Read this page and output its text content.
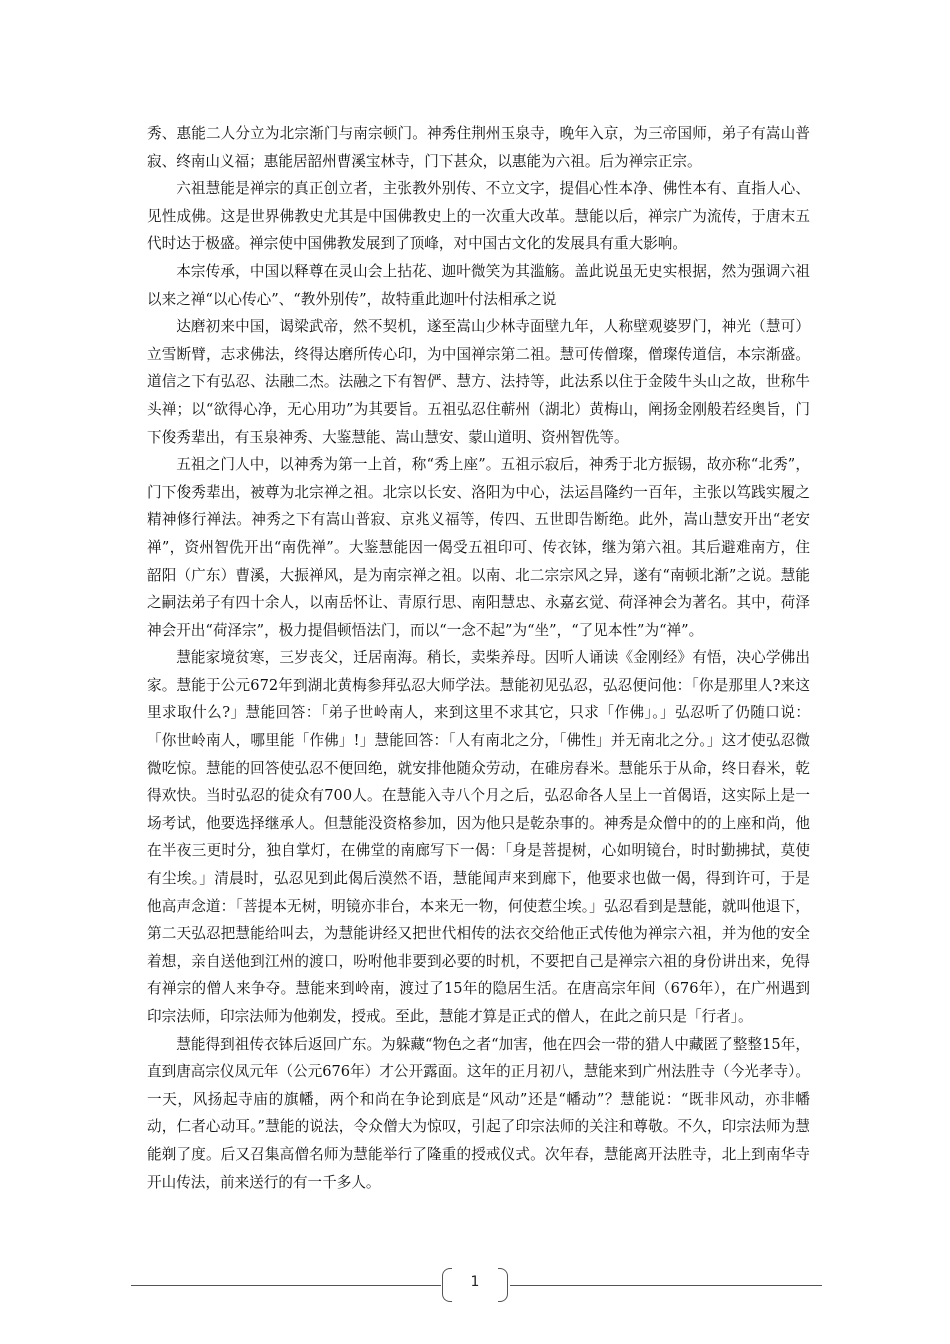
秀、惠能二人分立为北宗渐门与南宗顿门。神秀住荆州玉泉寺，晚年入京，为三帝国师，弟子有嵩山普寂、终南山义福；惠能居韶州曹溪宝林寺，门下甚众，以惠能为六祖。后为禅宗正宗。

六祖慧能是禅宗的真正创立者，主张教外别传、不立文字，提倡心性本净、佛性本有、直指人心、见性成佛。这是世界佛教史尤其是中国佛教史上的一次重大改革。慧能以后，禅宗广为流传，于唐末五代时达于极盛。禅宗使中国佛教发展到了顶峰，对中国古文化的发展具有重大影响。

本宗传承，中国以释尊在灵山会上拈花、迦叶微笑为其滥觞。盖此说虽无史实根据，然为强调六祖以来之禅“以心传心”、“教外别传”，故特重此迦叶付法相承之说

达磨初来中国，谒梁武帝，然不契机，遂至嵩山少林寺面壁九年，人称壁观婆罗门，神光（慧可）立雪断臂，志求佛法，终得达磨所传心印，为中国禅宗第二祖。慧可传僧璨，僧璨传道信，本宗渐盛。道信之下有弘忍、法融二杰。法融之下有智俨、慧方、法持等，此法系以住于金陵牛头山之故，世称牛头禅；以“欲得心净，无心用功”为其要旨。五祖弘忍住蕲州（湖北）黄梅山，阐扬金刚般若经奥旨，门下俊秀辈出，有玉泉神秀、大鉴慧能、嵩山慧安、蒙山道明、资州智侁等。

五祖之门人中，以神秀为第一上首，称“秀上座”。五祖示寂后，神秀于北方振锡，故亦称“北秀”，门下俊秀辈出，被尊为北宗禅之祖。北宗以长安、洛阳为中心，法运昌隆约一百年，主张以笃践实履之精神修行禅法。神秀之下有嵩山普寂、京兆义福等，传四、五世即告断绝。此外，嵩山慧安开出“老安禅”，资州智侁开出“南侁禅”。大鉴慧能因一偈受五祖印可、传衣钵，继为第六祖。其后避难南方，住韶阳（广东）曹溪，大振禅风，是为南宗禅之祖。以南、北二宗宗风之异，遂有“南顿北渐”之说。慧能之嗣法弟子有四十余人，以南岳怀让、青原行思、南阳慧忠、永嘉玄觉、荷泽神会为著名。其中，荷泽神会开出“荷泽宗”，极力提倡顿悟法门，而以“一念不起”为“坐”，“了见本性”为“禅”。

慧能家境贫寒，三岁丧父，迁居南海。稍长，卖柴养母。因听人诵读《金刚经》有悟，决心学佛出家。慧能于公元672年到湖北黄梅参拜弘忍大师学法。慧能初见弘忍，弘忍便问他：「你是那里人?来这里求取什么?」慧能回答：「弟子世岭南人，来到这里不求其它，只求「作佛」。」弘忍听了仍随口说：「你世岭南人，哪里能「作佛」!」慧能回答：「人有南北之分，「佛性」并无南北之分。」这才使弘忍微微吃惊。慧能的回答使弘忍不便回绝，就安排他随众劳动，在碓房舂米。慧能乐于从命，终日舂米，乾得欢快。当时弘忍的徒众有700人。在慧能入寺八个月之后，弘忍命各人呈上一首偈语，这实际上是一场考试，他要选择继承人。但慧能没资格参加，因为他只是乾杂事的。神秀是众僧中的的上座和尚，他在半夜三更时分，独自掌灯，在佛堂的南廊写下一偈：「身是菩提树，心如明镜台，时时勤拂拭，莫使有尘埃。」清晨时，弘忍见到此偈后漠然不语，慧能闻声来到廊下，他要求也做一偈，得到许可，于是他高声念道：「菩提本无树，明镜亦非台，本来无一物，何使惹尘埃。」弘忍看到是慧能，就叫他退下，第二天弘忍把慧能给叫去，为慧能讲经又把世代相传的法衣交给他正式传他为禅宗六祖，并为他的安全着想，亲自送他到江州的渡口，吩咐他非要到必要的时机，不要把自己是禅宗六祖的身份讲出来，免得有禅宗的僧人来争夺。慧能来到岭南，渡过了15年的隐居生活。在唐高宗年间（676年），在广州遇到印宗法师，印宗法师为他剃发，授戒。至此，慧能才算是正式的僧人，在此之前只是「行者」。

慧能得到祖传衣钵后返回广东。为躲藏“物色之者“加害，他在四会一带的猎人中藏匿了整整15年，直到唐高宗仪凤元年（公元676年）才公开露面。这年的正月初八，慧能来到广州法胜寺（今光孝寺）。一天，风扬起寺庙的旗幡，两个和尚在争论到底是“风动”还是“幡动”？慧能说：“既非风动，亦非幡动，仁者心动耳。”慧能的说法，令众僧大为惊叹，引起了印宗法师的关注和尊敬。不久，印宗法师为慧能剃了度。后又召集高僧名师为慧能举行了隆重的授戒仪式。次年春，慧能离开法胜寺，北上到南华寺开山传法，前来送行的有一千多人。

1
